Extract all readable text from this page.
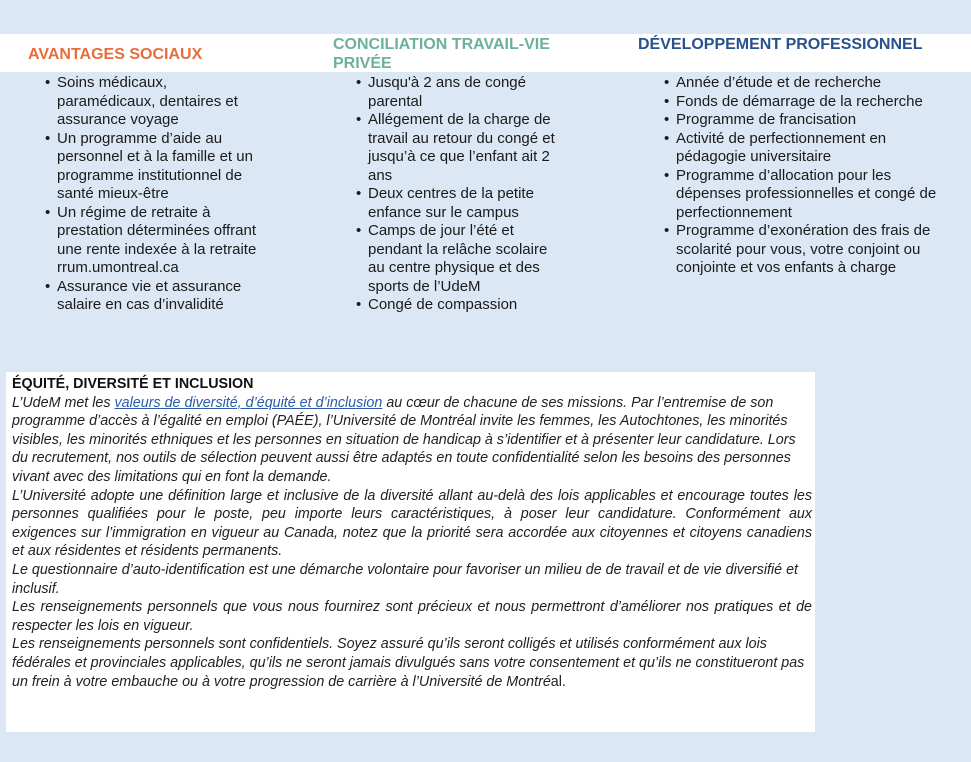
AVANTAGES SOCIAUX
CONCILIATION TRAVAIL-VIE PRIVÉE
DÉVELOPPEMENT PROFESSIONNEL
• Soins médicaux, paramédicaux, dentaires et assurance voyage
• Un programme d’aide au personnel et à la famille et un programme institutionnel de santé mieux-être
• Un régime de retraite à prestation déterminées offrant une rente indexée à la retraite rrum.umontreal.ca
• Assurance vie et assurance salaire en cas d’invalidité
• Jusqu'à 2 ans de congé parental
• Allégement de la charge de travail au retour du congé et jusqu’à ce que l’enfant ait 2 ans
• Deux centres de la petite enfance sur le campus
• Camps de jour l’été et pendant la relâche scolaire au centre physique et des sports de l’UdeM
• Congé de compassion
• Année d’étude et de recherche
• Fonds de démarrage de la recherche
• Programme de francisation
• Activité de perfectionnement en pédagogie universitaire
• Programme d’allocation pour les dépenses professionnelles et congé de perfectionnement
• Programme d’exonération des frais de scolarité pour vous, votre conjoint ou conjointe et vos enfants à charge
ÉQUITÉ, DIVERSITÉ ET INCLUSION

L’UdeM met les valeurs de diversité, d’équité et d’inclusion au cœur de chacune de ses missions. Par l’entremise de son programme d’accès à l’égalité en emploi (PAÉE), l’Université de Montréal invite les femmes, les Autochtones, les minorités visibles, les minorités ethniques et les personnes en situation de handicap à s’identifier et à présenter leur candidature. Lors du recrutement, nos outils de sélection peuvent aussi être adaptés en toute confidentialité selon les besoins des personnes vivant avec des limitations qui en font la demande.

L’Université adopte une définition large et inclusive de la diversité allant au-delà des lois applicables et encourage toutes les personnes qualifiées pour le poste, peu importe leurs caractéristiques, à poser leur candidature. Conformément aux exigences sur l’immigration en vigueur au Canada, notez que la priorité sera accordée aux citoyennes et citoyens canadiens et aux résidentes et résidents permanents.

Le questionnaire d’auto-identification est une démarche volontaire pour favoriser un milieu de de travail et de vie diversifié et inclusif.

Les renseignements personnels que vous nous fournirez sont précieux et nous permettront d’améliorer nos pratiques et de respecter les lois en vigueur.

Les renseignements personnels sont confidentiels. Soyez assuré qu’ils seront colligés et utilisés conformément aux lois fédérales et provinciales applicables, qu’ils ne seront jamais divulgués sans votre consentement et qu’ils ne constitueront pas un frein à votre embauche ou à votre progression de carrière à l’Université de Montréal.
